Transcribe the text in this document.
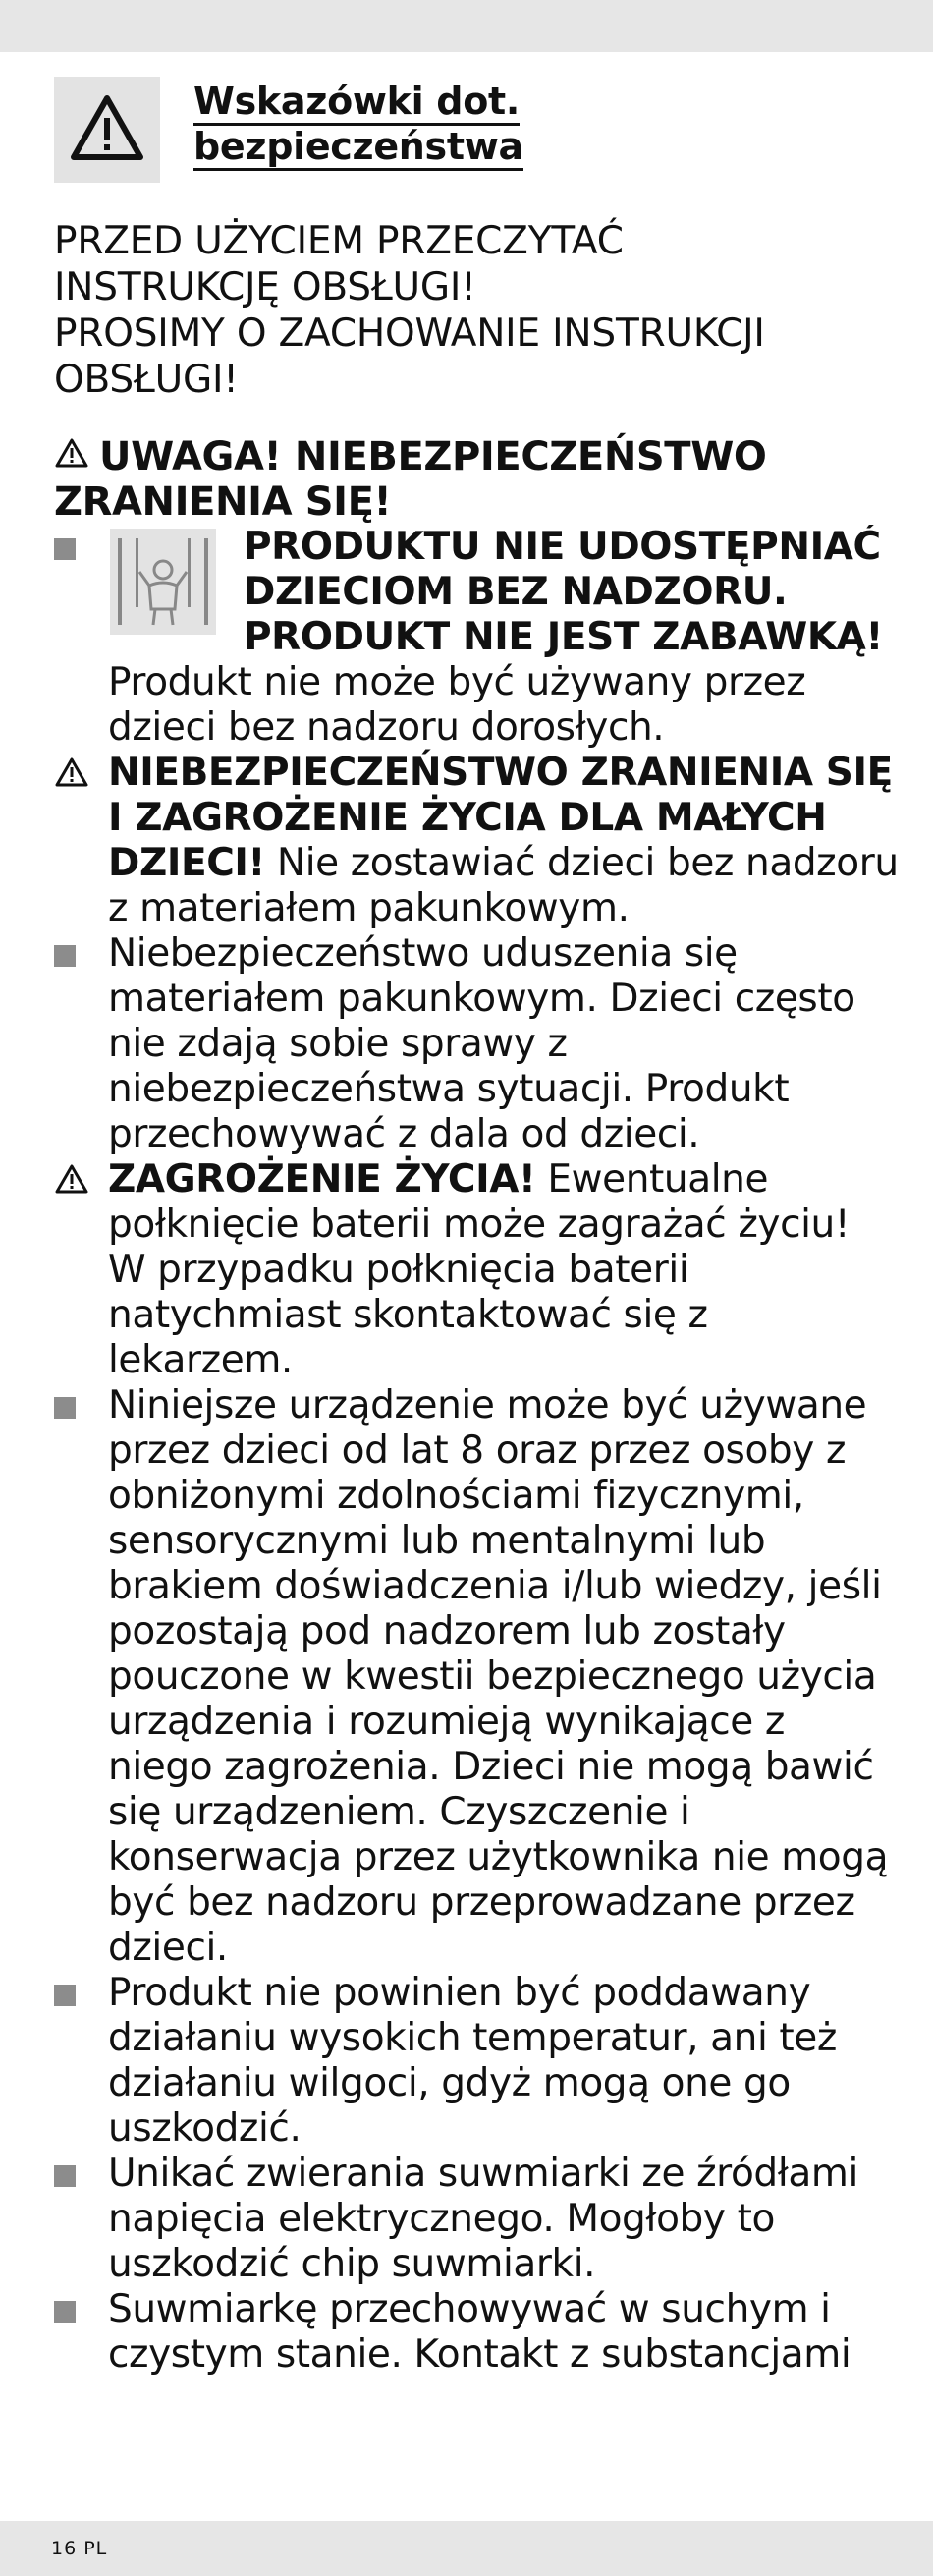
Wskazówki dot.
bezpieczeństwa
PRZED UŻYCIEM PRZECZYTAĆ
INSTRUKCJĘ OBSŁUGI!
PROSIMY O ZACHOWANIE INSTRUKCJI
OBSŁUGI!
UWAGA! NIEBEZPIECZEŃSTWO ZRANIENIA SIĘ!
PRODUKTU NIE UDOSTĘPNIAĆ DZIECIOM BEZ NADZORU. PRODUKT NIE JEST ZABAWKĄ! Produkt nie może być używany przez dzieci bez nadzoru dorosłych.
NIEBEZPIECZEŃSTWO ZRANIENIA SIĘ I ZAGROŻENIE ŻYCIA DLA MAŁYCH DZIECI! Nie zostawiać dzieci bez nadzoru z materiałem pakunkowym.
Niebezpieczeństwo uduszenia się materiałem pakunkowym. Dzieci często nie zdają sobie sprawy z niebezpieczeństwa sytuacji. Produkt przechowywać z dala od dzieci.
ZAGROŻENIE ŻYCIA! Ewentualne połknięcie baterii może zagrażać życiu! W przypadku połknięcia baterii natychmiast skontaktować się z lekarzem.
Niniejsze urządzenie może być używane przez dzieci od lat 8 oraz przez osoby z obniżonymi zdolnościami fizycznymi, sensorycznymi lub mentalnymi lub brakiem doświadczenia i/lub wiedzy, jeśli pozostają pod nadzorem lub zostały pouczone w kwestii bezpiecznego użycia urządzenia i rozumieją wynikające z niego zagrożenia. Dzieci nie mogą bawić się urządzeniem. Czyszczenie i konserwacja przez użytkownika nie mogą być bez nadzoru przeprowadzane przez dzieci.
Produkt nie powinien być poddawany działaniu wysokich temperatur, ani też działaniu wilgoci, gdyż mogą one go uszkodzić.
Unikać zwierania suwmiarki ze źródłami napięcia elektrycznego. Mogłoby to uszkodzić chip suwmiarki.
Suwmiarkę przechowywać w suchym i czystym stanie. Kontakt z substancjami
16 PL
